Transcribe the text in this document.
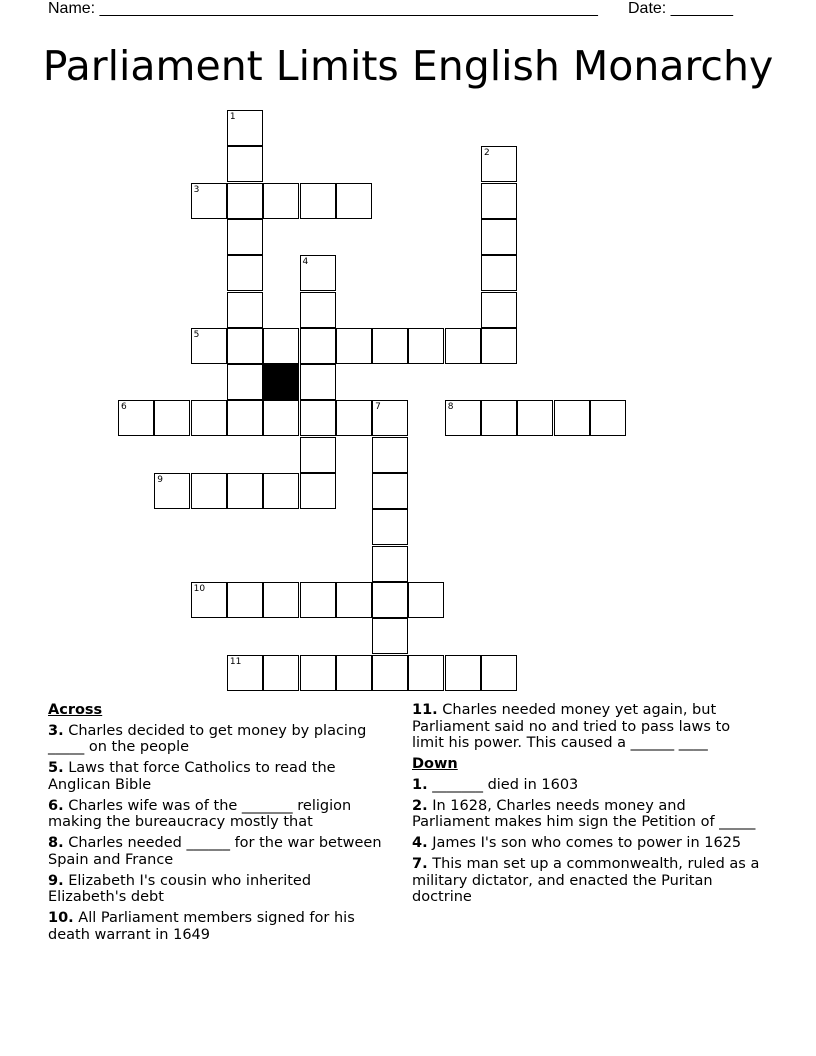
Name: ________________________________________________________ Date: _______
Parliament Limits English Monarchy
1
2
3
4
5
6	7	8
9
10
11
Across
3. Charles decided to get money by placing _____ on the people
5. Laws that force Catholics to read the Anglican Bible
6. Charles wife was of the _______ religion making the bureaucracy mostly that
8. Charles needed ______ for the war between Spain and France
9. Elizabeth I's cousin who inherited Elizabeth's debt
10. All Parliament members signed for his death warrant in 1649
11. Charles needed money yet again, but Parliament said no and tried to pass laws to limit his power. This caused a ______ ____
Down
1. _______ died in 1603
2. In 1628, Charles needs money and Parliament makes him sign the Petition of _____
4. James I's son who comes to power in 1625
7. This man set up a commonwealth, ruled as a military dictator, and enacted the Puritan doctrine
